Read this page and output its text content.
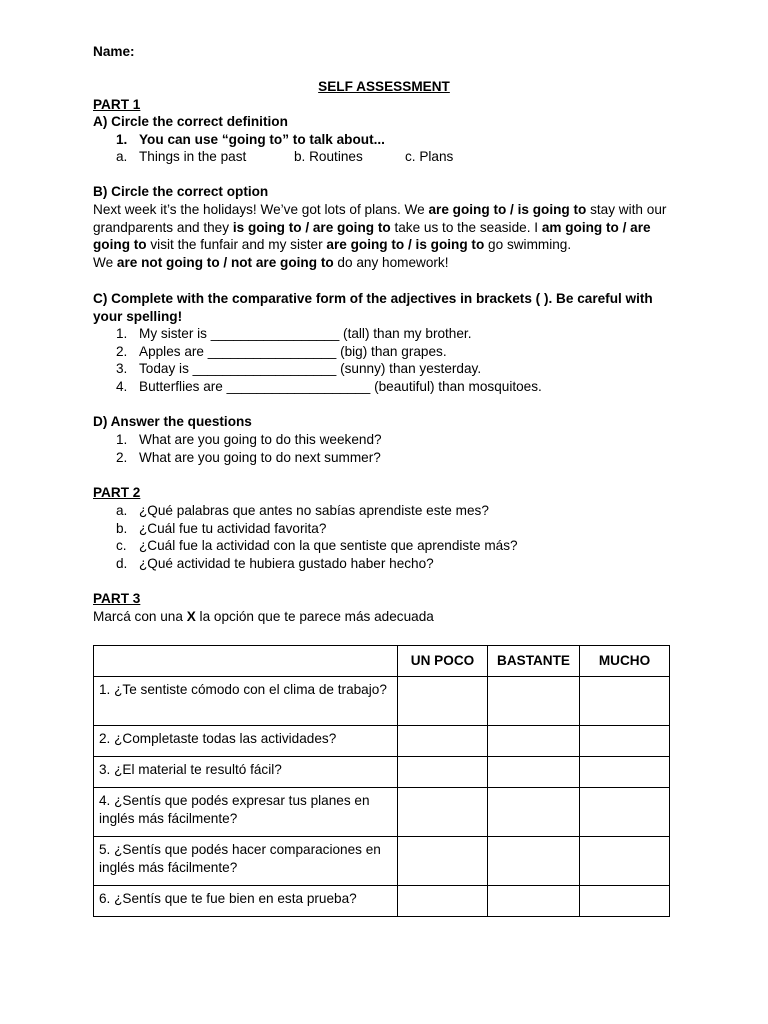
Name:
SELF ASSESSMENT
PART 1
A) Circle the correct definition
1. You can use “going to” to talk about...
a. Things in the past	b. Routines	c. Plans
B) Circle the correct option
Next week it’s the holidays! We’ve got lots of plans. We are going to / is going to stay with our grandparents and they is going to / are going to take us to the seaside. I am going to / are going to visit the funfair and my sister are going to / is going to go swimming.
We are not going to / not are going to do any homework!
C) Complete with the comparative form of the adjectives in brackets ( ). Be careful with your spelling!
1. My sister is _________________ (tall) than my brother.
2. Apples are _________________ (big) than grapes.
3. Today is ___________________ (sunny) than yesterday.
4. Butterflies are ___________________ (beautiful) than mosquitoes.
D) Answer the questions
1. What are you going to do this weekend?
2. What are you going to do next summer?
PART 2
a. ¿Qué palabras que antes no sabías aprendiste este mes?
b. ¿Cuál fue tu actividad favorita?
c. ¿Cuál fue la actividad con la que sentiste que aprendiste más?
d. ¿Qué actividad te hubiera gustado haber hecho?
PART 3
Marcá con una X la opción que te parece más adecuada
	UN POCO	BASTANTE	MUCHO
1. ¿Te sentiste cómodo con el clima de trabajo?			
2. ¿Completaste todas las actividades?			
3. ¿El material te resultó fácil?			
4. ¿Sentís que podés expresar tus planes en inglés más fácilmente?			
5. ¿Sentís que podés hacer comparaciones en inglés más fácilmente?			
6. ¿Sentís que te fue bien en esta prueba?			
